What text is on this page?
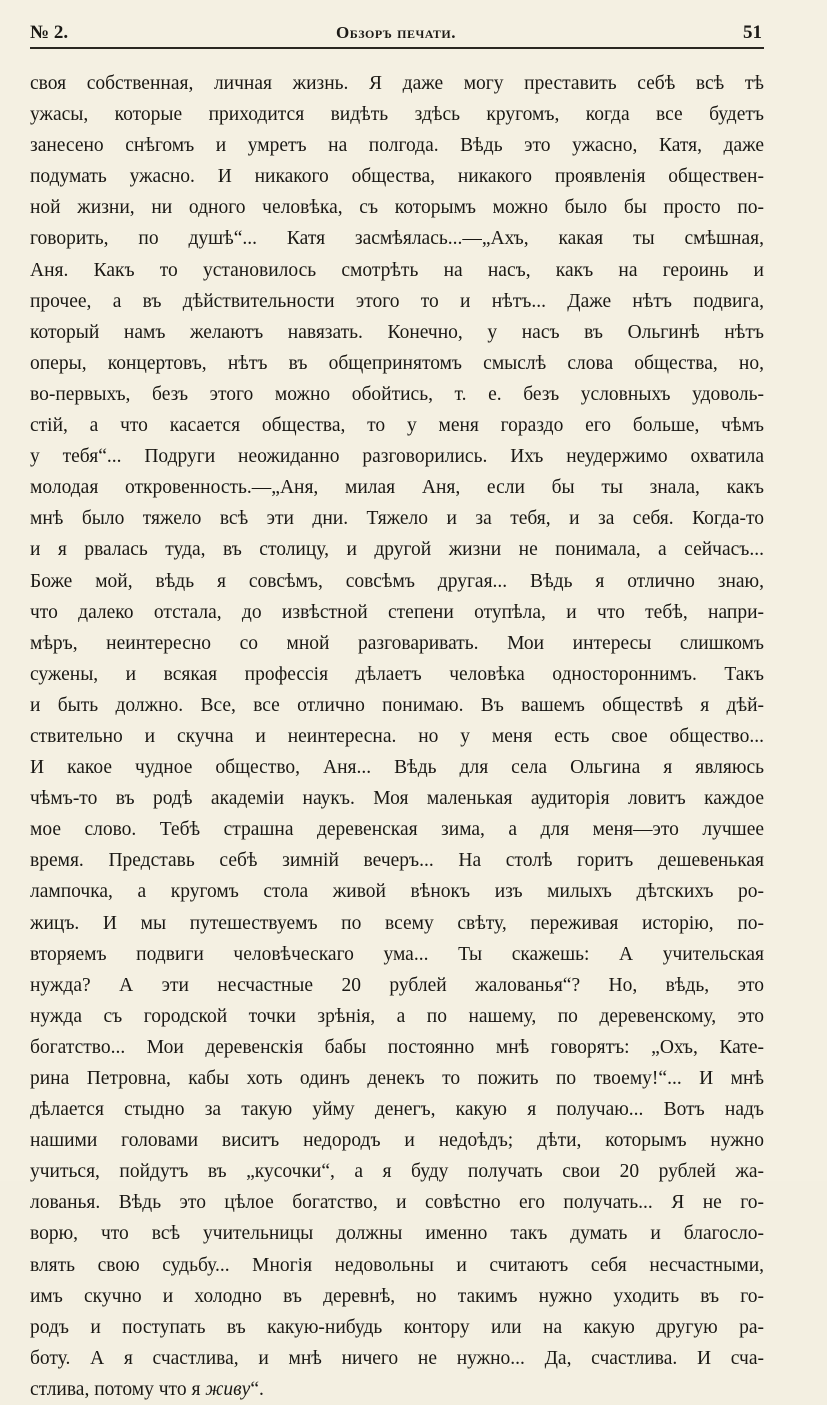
№ 2.	Обзоръ печати.	51
своя собственная, личная жизнь. Я даже могу преставить себѣ всѣ тѣ
ужасы, которые приходится видѣть здѣсь кругомъ, когда все будетъ
занесено снѣгомъ и умретъ на полгода. Вѣдь это ужасно, Катя, даже
подумать ужасно. И никакого общества, никакого проявленія обществен-
ной жизни, ни одного человѣка, съ которымъ можно было бы просто по-
говорить, по душѣ“... Катя засмѣялась...—„Ахъ, какая ты смѣшная,
Аня. Какъ то установилось смотрѣть на насъ, какъ на героинь и
прочее, а въ дѣйствительности этого то и нѣтъ... Даже нѣтъ подвига,
который намъ желаютъ навязать. Конечно, у насъ въ Ольгинѣ нѣтъ
оперы, концертовъ, нѣтъ въ общепринятомъ смыслѣ слова общества, но,
во-первыхъ, безъ этого можно обойтись, т. е. безъ условныхъ удоволь-
стій, а что касается общества, то у меня гораздо его больше, чѣмъ
у тебя“... Подруги неожиданно разговорились. Ихъ неудержимо охватила
молодая откровенность.—„Аня, милая Аня, если бы ты знала, какъ
мнѣ было тяжело всѣ эти дни. Тяжело и за тебя, и за себя. Когда-то
и я рвалась туда, въ столицу, и другой жизни не понимала, а сейчасъ...
Боже мой, вѣдь я совсѣмъ, совсѣмъ другая... Вѣдь я отлично знаю,
что далеко отстала, до извѣстной степени отупѣла, и что тебѣ, напри-
мѣръ, неинтересно со мной разговаривать. Мои интересы слишкомъ
сужены, и всякая профессія дѣлаетъ человѣка одностороннимъ. Такъ
и быть должно. Все, все отлично понимаю. Въ вашемъ обществѣ я дѣй-
ствительно и скучна и неинтересна. но у меня есть свое общество...
И какое чудное общество, Аня... Вѣдь для села Ольгина я являюсь
чѣмъ-то въ родѣ академіи наукъ. Моя маленькая аудиторія ловитъ каждое
мое слово. Тебѣ страшна деревенская зима, а для меня—это лучшее
время. Представь себѣ зимній вечеръ... На столѣ горитъ дешевенькая
лампочка, а кругомъ стола живой вѣнокъ изъ милыхъ дѣтскихъ ро-
жицъ. И мы путешествуемъ по всему свѣту, переживая исторію, по-
вторяемъ подвиги человѣческаго ума... Ты скажешь: А учительская
нужда? А эти несчастные 20 рублей жалованья“? Но, вѣдь, это
нужда съ городской точки зрѣнія, а по нашему, по деревенскому, это
богатство... Мои деревенскія бабы постоянно мнѣ говорятъ: „Охъ, Кате-
рина Петровна, кабы хоть одинъ денекъ то пожить по твоему!“... И мнѣ
дѣлается стыдно за такую уйму денегъ, какую я получаю... Вотъ надъ
нашими головами виситъ недородъ и недоѣдъ; дѣти, которымъ нужно
учиться, пойдутъ въ „кусочки“, а я буду получать свои 20 рублей жа-
лованья. Вѣдь это цѣлое богатство, и совѣстно его получать... Я не го-
ворю, что всѣ учительницы должны именно такъ думать и благосло-
влять свою судьбу... Многія недовольны и считаютъ себя несчастными,
имъ скучно и холодно въ деревнѣ, но такимъ нужно уходить въ го-
родъ и поступать въ какую-нибудь контору или на какую другую ра-
боту. А я счастлива, и мнѣ ничего не нужно... Да, счастлива. И сча-
стлива, потому что я живу“.
